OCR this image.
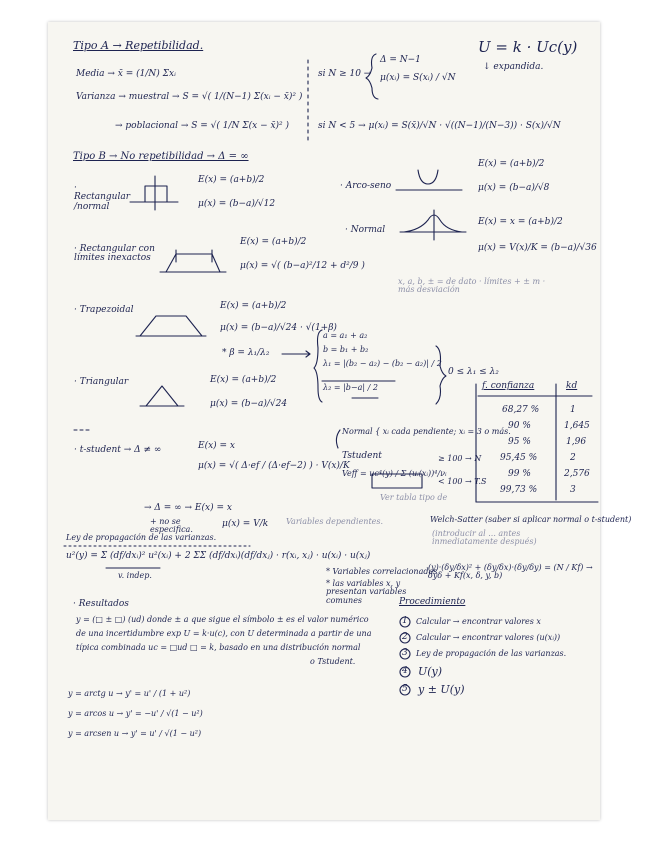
Tipo A → Repetibilidad.
Media → x̄ = (1/N) Σxᵢ
Varianza → muestral → S = √( 1/(N−1) Σ(xᵢ − x̄)² )
→ poblacional → S = √( 1/N Σ(x − x̄)² )
si N ≥ 10 →
Δ = N−1
μ(xᵢ) = S(xᵢ) / √N
U = k · Uc(y)
↓ expandida.
si N < 5 → μ(xᵢ) = S(x̄)/√N · √((N−1)/(N−3)) · S(x)/√N
Tipo B → No repetibilidad → Δ = ∞
· Rectangular /normal
E(x) = (a+b)/2
μ(x) = (b−a)/√12
· Arco-seno
E(x) = (a+b)/2
μ(x) = (b−a)/√8
· Normal
E(x) = x = (a+b)/2
μ(x) = V(x)/K = (b−a)/√36
· Rectangular con límites inexactos
E(x) = (a+b)/2
μ(x) = √( (b−a)²/12 + d²/9 )
x, a, b, ± = de dato · límites + ± m · más desviación
· Trapezoidal	E(x) = (a+b)/2
μ(x) = (b−a)/√24 · √(1+β)
* β = λ₁/λ₂
a = a₁ + a₂
b = b₁ + b₂
λ₁ = |(b₂ − a₂) − (b₂ − a₂)| / 2
λ₂ = |b−a| / 2
0 ≤ λ₁ ≤ λ₂
· Triangular	E(x) = (a+b)/2
μ(x) = (b−a)/√24
· t-student → Δ ≠ ∞	E(x) = x
μ(x) = √( Δ·ef / (Δ·ef−2) ) · V(x)/K
Normal { xᵢ cada pendiente; xᵢ = 3 o más.
Tstudent
Veff = uc⁴(y) / Σ (uᵢ(xᵢ))⁴/νᵢ
≥ 100 → N
< 100 → T.S
Ver tabla tipo de
→ Δ = ∞ → E(x) = x
+ no se especifica.
μ(x) = V/k
f. confianza	kd
68,27 %	1
90 %	1,645
95 %	1,96
95,45 %	2
99 %	2,576
99,73 %	3
Ley de propagación de las varianzas.
u²(y) = Σ (df/dxᵢ)² u²(xᵢ) + 2 ΣΣ (df/dxᵢ)(df/dxⱼ) · r(xᵢ, xⱼ) · u(xᵢ) · u(xⱼ)
v. indep.
Variables dependientes.
* Variables correlacionadas
* las variables x, y presentan variables comunes
Welch-Satter (saber si aplicar normal o t-student)
(introducir al ... antes inmediatamente después)
(y)·(δy/δx)² + (δy/δx)·(δy/δy) = (N / Kf) → δyδ + Kf(x, δ, y, b)
· Resultados
y = (□ ± □) (ud) donde ± a que sigue el símbolo ± es el valor numérico
de una incertidumbre exp U = k·u(c), con U determinada a partir de una
típica combinada uc = □ud □ = k, basado en una distribución normal
o Tstudent.
y = arctg u → y' = u' / (1 + u²)
y = arcos u → y' = −u' / √(1 − u²)
y = arcsen u → y' = u' / √(1 − u²)
Procedimiento
1 Calcular → encontrar valores x
2 Calcular → encontrar valores (u(xᵢ))
3 Ley de propagación de las varianzas.
4 U(y)
5 y ± U(y)
